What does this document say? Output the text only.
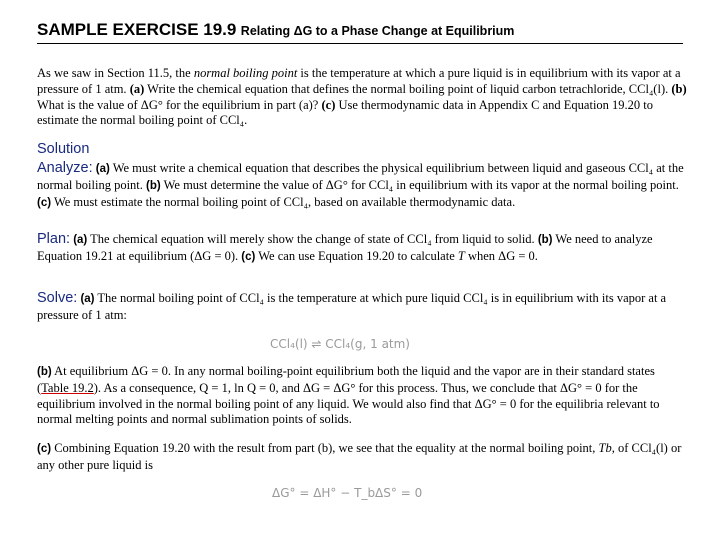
SAMPLE EXERCISE 19.9 Relating ΔG to a Phase Change at Equilibrium
As we saw in Section 11.5, the normal boiling point is the temperature at which a pure liquid is in equilibrium with its vapor at a pressure of 1 atm. (a) Write the chemical equation that defines the normal boiling point of liquid carbon tetrachloride, CCl₄(l). (b) What is the value of ΔG° for the equilibrium in part (a)? (c) Use thermodynamic data in Appendix C and Equation 19.20 to estimate the normal boiling point of CCl₄.
Solution
Analyze: (a) We must write a chemical equation that describes the physical equilibrium between liquid and gaseous CCl₄ at the normal boiling point. (b) We must determine the value of ΔG° for CCl₄ in equilibrium with its vapor at the normal boiling point. (c) We must estimate the normal boiling point of CCl₄, based on available thermodynamic data.
Plan: (a) The chemical equation will merely show the change of state of CCl₄ from liquid to solid. (b) We need to analyze Equation 19.21 at equilibrium (ΔG = 0). (c) We can use Equation 19.20 to calculate T when ΔG = 0.
Solve: (a) The normal boiling point of CCl₄ is the temperature at which pure liquid CCl₄ is in equilibrium with its vapor at a pressure of 1 atm:
CCl₄(l) ⇌ CCl₄(g, 1 atm)
(b) At equilibrium ΔG = 0. In any normal boiling-point equilibrium both the liquid and the vapor are in their standard states (Table 19.2). As a consequence, Q = 1, ln Q = 0, and ΔG = ΔG° for this process. Thus, we conclude that ΔG° = 0 for the equilibrium involved in the normal boiling point of any liquid. We would also find that ΔG° = 0 for the equilibria relevant to normal melting points and normal sublimation points of solids.
(c) Combining Equation 19.20 with the result from part (b), we see that the equality at the normal boiling point, Tb, of CCl₄(l) or any other pure liquid is
ΔG° = ΔH° − T_bΔS° = 0
